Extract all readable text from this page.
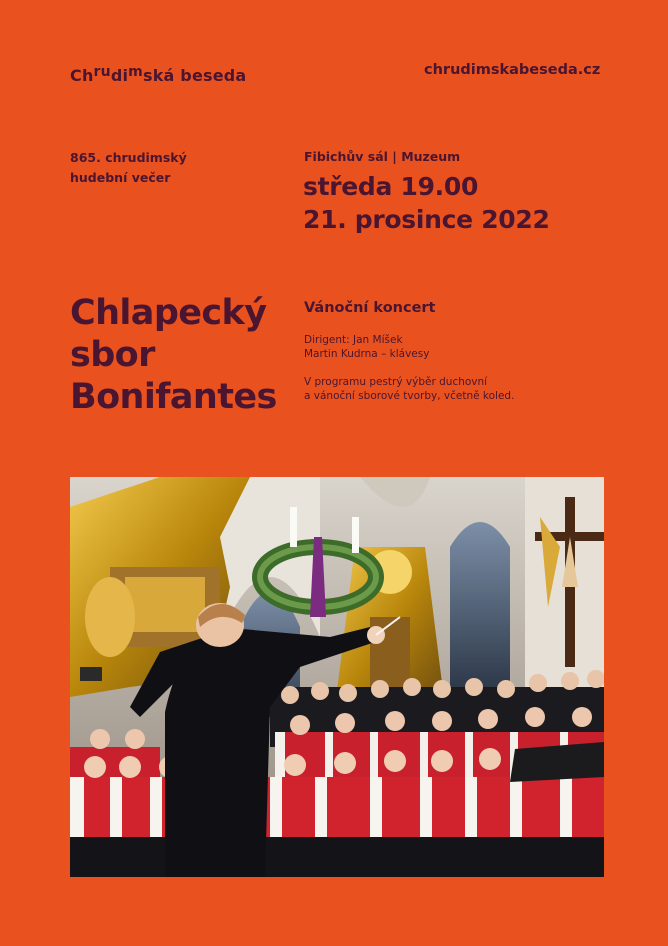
Chrudimská beseda	chrudimskabeseda.cz
865. chrudimský
hudební večer
Fibichův sál | Muzeum
středa 19.00
21. prosince 2022
Chlapecký
sbor
Bonifantes
Vánoční koncert
Dirigent: Jan Míšek
Martin Kudrna – klávesy
V programu pestrý výběr duchovní
a vánoční sborové tvorby, včetně koled.
